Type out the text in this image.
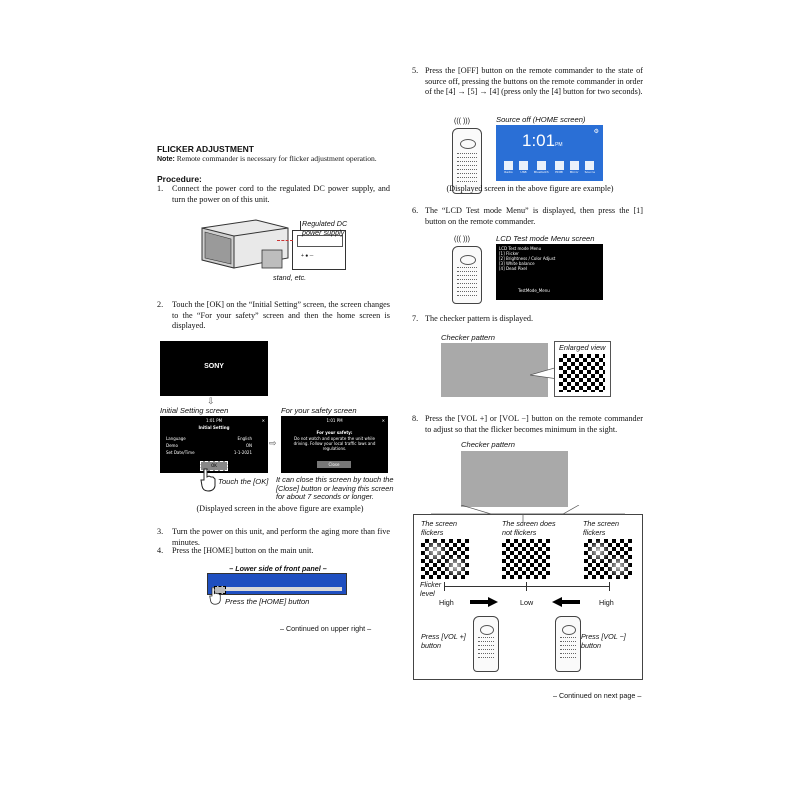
FLICKER ADJUSTMENT
Note: Remote commander is necessary for flicker adjustment operation.
Procedure:
1. Connect the power cord to the regulated DC power supply, and turn the power on of this unit.
+ ● ─
Regulated DC power supply
stand, etc.
2. Touch the [OK] on the “Initial Setting” screen, the screen changes to the “For your safety” screen and then the home screen is displayed.
SONY
⇩
Initial Setting screen	For your safety screen
1:01 PM	✕
Initial Setting
Language	English
Demo	ON
Set Date/Time	1-1-2021
OK
⇨
1:01 PM	✕
For your safety:
Do not watch and operate the unit while driving. Follow your local traffic laws and regulations.
Close
Touch the [OK] It can close this screen by touch the [Close] button or leaving this screen for about 7 seconds or longer.
(Displayed screen in the above figure are example)
3. Turn the power on this unit, and perform the aging more than five minutes.
4. Press the [HOME] button on the main unit.
– Lower side of front panel –
Press the [HOME] button
– Continued on upper right –
5. Press the [OFF] button on the remote commander to the state of source off, pressing the buttons on the remote commander in order of the [4] → [5] → [4] (press only the [4] button for two seconds).
Source off (HOME screen)
((( )))
1:01PM
⚙
Radio	USB	Bluetooth HDMI Mirror Source
(Displayed screen in the above figure are example)
6. The “LCD Test mode Menu” is displayed, then press the [1] button on the remote commander.
LCD Test mode Menu screen
((( )))
LCD Test mode Menu
[1] Flicker
[2] Brightness / Color Adjust
[3] White balance
[4] Dead Pixel
TestMode_Menu
7. The checker pattern is displayed.
Checker pattern
Enlarged view
8. Press the [VOL +] or [VOL −] button on the remote commander to adjust so that the flicker becomes minimum in the sight.
Checker pattern
The screen flickers
The screen does not flickers
The screen flickers
Flicker level
High	Low	High
Press [VOL +] button
Press [VOL −] button
– Continued on next page –
